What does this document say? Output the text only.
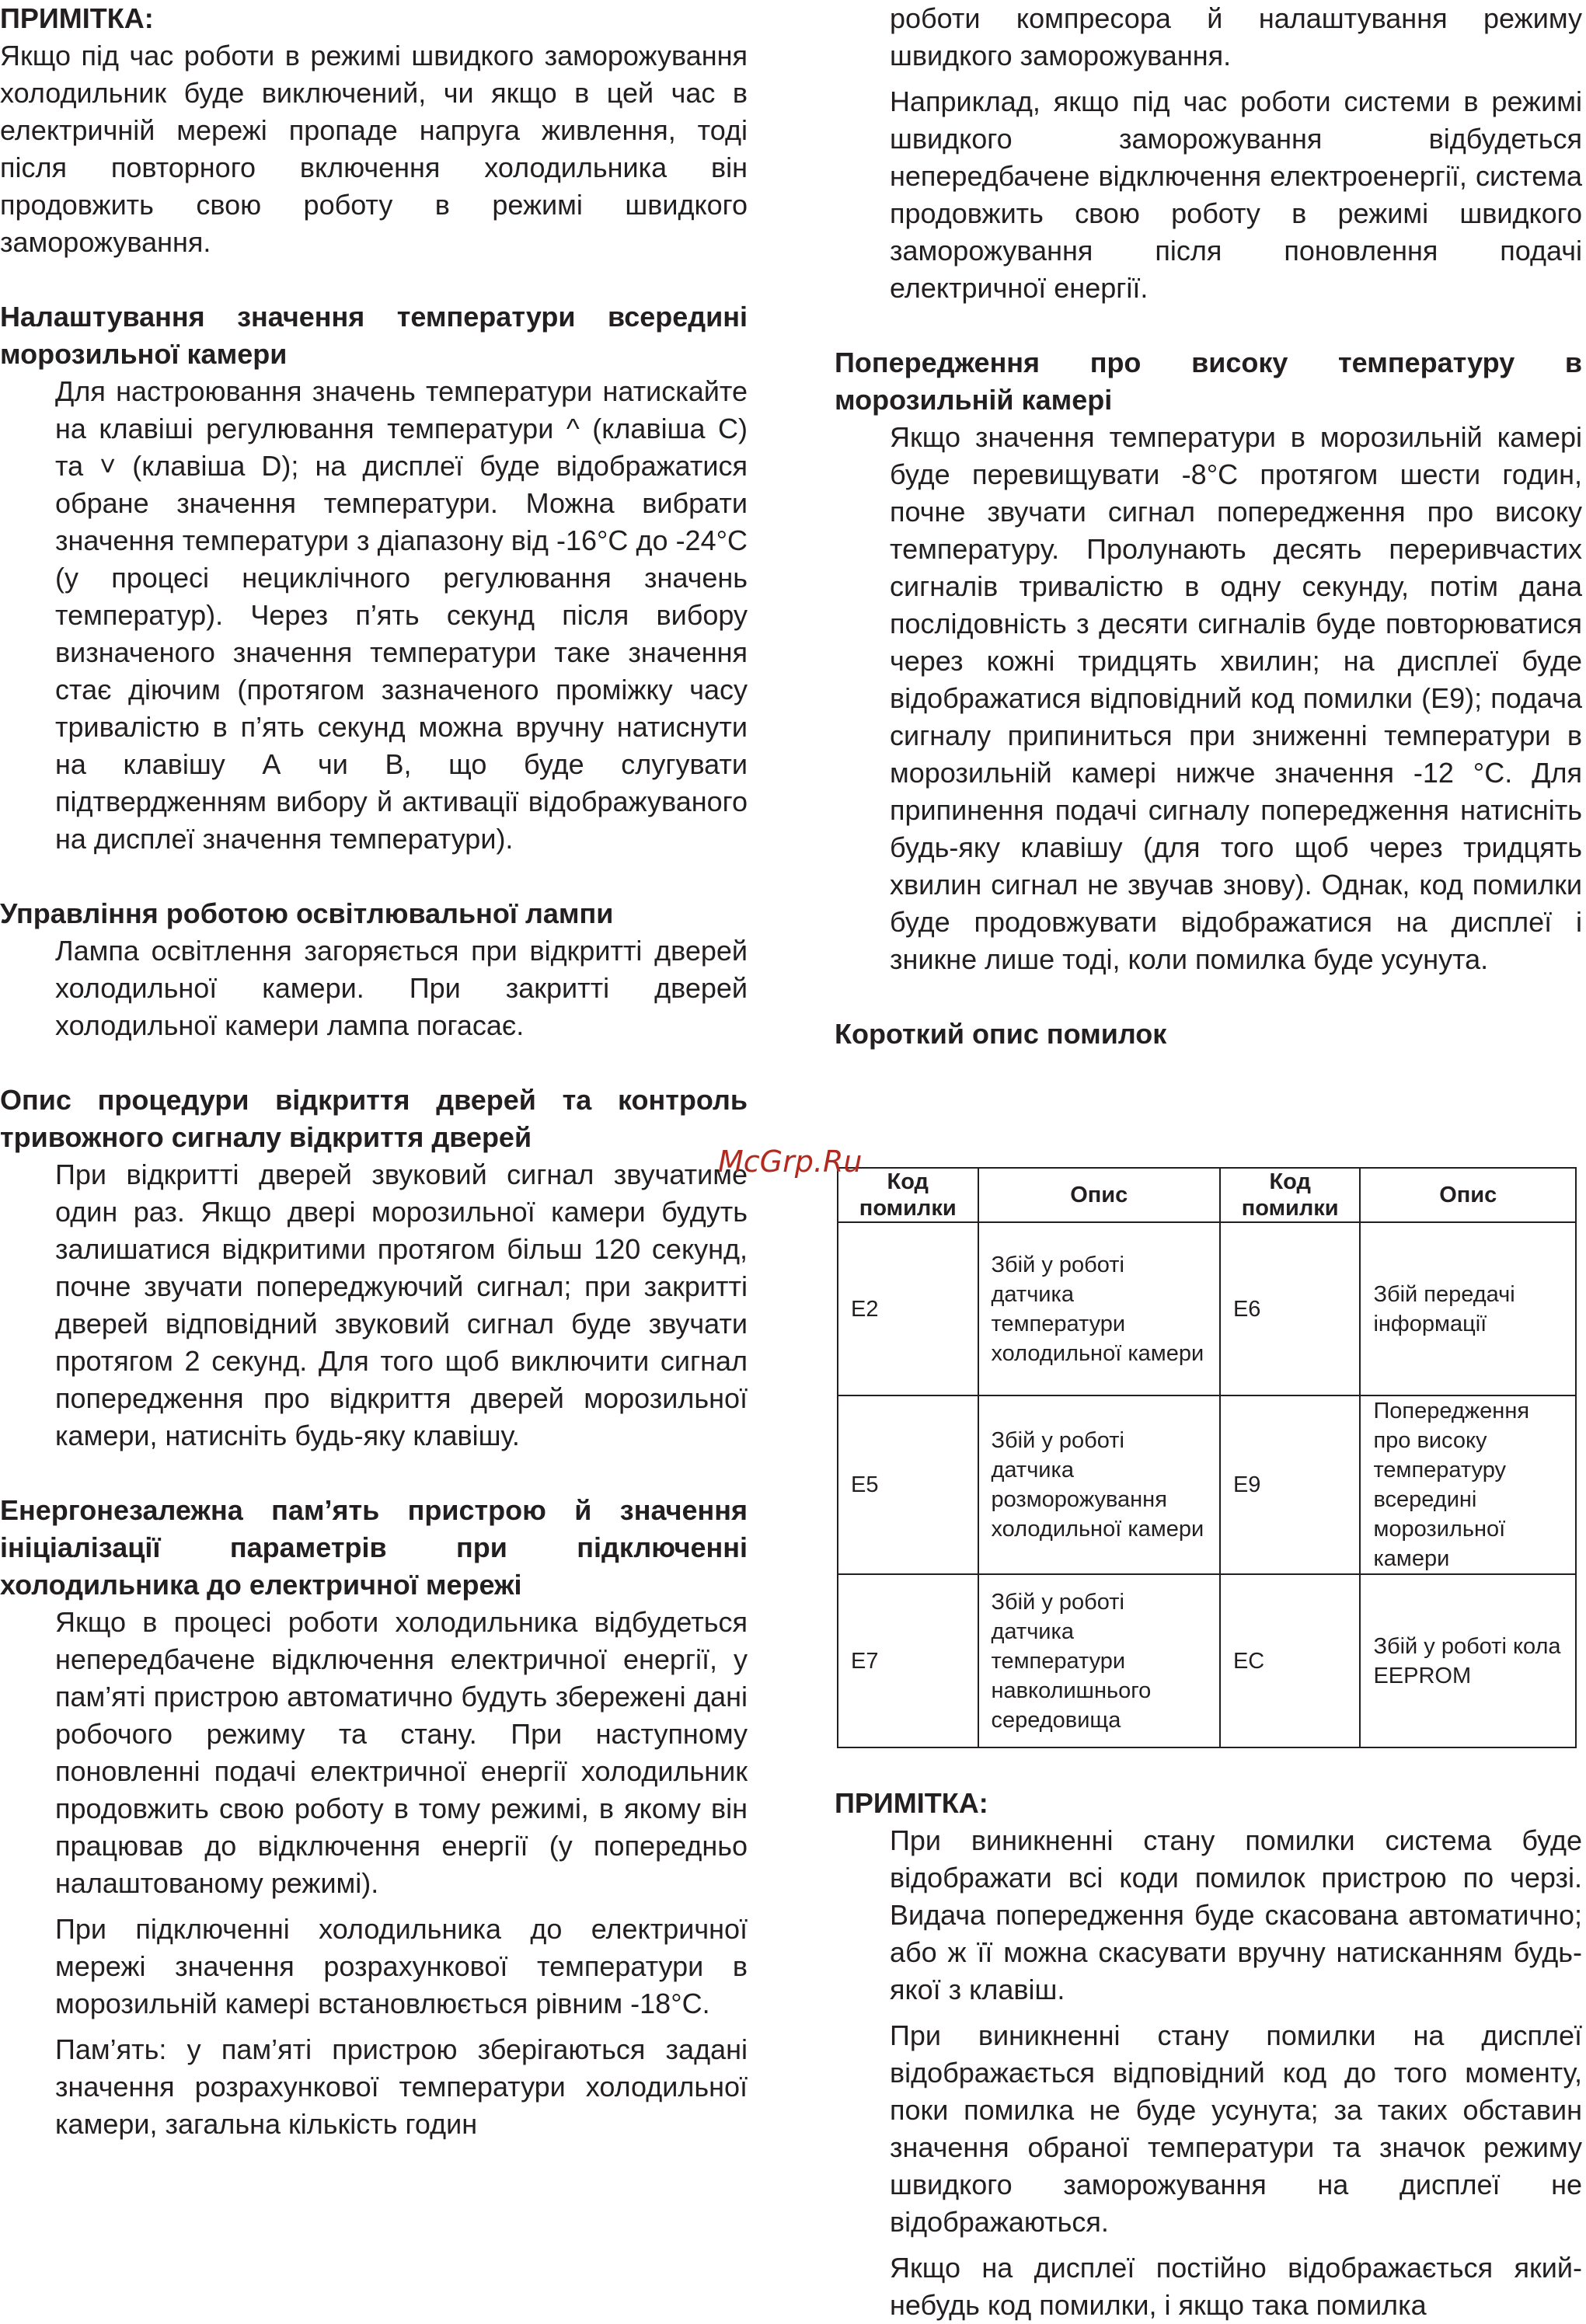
ПРИМІТКА:

Якщо під час роботи в режимі швидкого заморожування холодильник буде виключений, чи якщо в цей час в електричній мережі пропаде напруга живлення, тоді після повторного включення холодильника він продовжить свою роботу в режимі швидкого заморожування.

Налаштування значення температури всередині морозильної камери

Для настроювання значень температури натискайте на клавіші регулювання температури ^ (клавіша С) та ˅ (клавіша D); на дисплеї буде відображатися обране значення температури. Можна вибрати значення температури з діапазону від -16°С до -24°С (у процесі нециклічного регулювання значень температур). Через п’ять секунд після вибору визначеного значення температури таке значення стає діючим (протягом зазначеного проміжку часу тривалістю в п’ять секунд можна вручну натиснути на клавішу А чи В, що буде слугувати підтвердженням вибору й активації відображуваного на дисплеї значення температури).

Управління роботою освітлювальної лампи

Лампа освітлення загоряється при відкритті дверей холодильної камери. При закритті дверей холодильної камери лампа погасає.

Опис процедури відкриття дверей та контроль тривожного сигналу відкриття дверей

При відкритті дверей звуковий сигнал звучатиме один раз. Якщо двері морозильної камери будуть залишатися відкритими протягом більш 120 секунд, почне звучати попереджуючий сигнал; при закритті дверей відповідний звуковий сигнал буде звучати протягом 2 секунд. Для того щоб виключити сигнал попередження про відкриття дверей морозильної камери, натисніть будь-яку клавішу.

Енергонезалежна пам’ять пристрою й значення ініціалізації параметрів при підключенні холодильника до електричної мережі

Якщо в процесі роботи холодильника відбудеться непередбачене відключення електричної енергії, у пам’яті пристрою автоматично будуть збережені дані робочого режиму та стану. При наступному поновленні подачі електричної енергії холодильник продовжить свою роботу в тому режимі, в якому він працював до відключення енергії (у попередньо налаштованому режимі).

При підключенні холодильника до електричної мережі значення розрахункової температури в морозильній камері встановлюється рівним -18°С.

Пам’ять: у пам’яті пристрою зберігаються задані значення розрахункової температури холодильної камери, загальна кількість годин

роботи компресора й налаштування режиму швидкого заморожування.

Наприклад, якщо під час роботи системи в режимі швидкого заморожування відбудеться непередбачене відключення електроенергії, система продовжить свою роботу в режимі швидкого заморожування після поновлення подачі електричної енергії.

Попередження про високу температуру в морозильній камері

Якщо значення температури в морозильній камері буде перевищувати -8°С протягом шести годин, почне звучати сигнал попередження про високу температуру. Пролунають десять переривчастих сигналів тривалістю в одну секунду, потім дана послідовність з десяти сигналів буде повторюватися через кожні тридцять хвилин; на дисплеї буде відображатися відповідний код помилки (Е9); подача сигналу припиниться при зниженні температури в морозильній камері нижче значення -12 °С. Для припинення подачі сигналу попередження натисніть будь-яку клавішу (для того щоб через тридцять хвилин сигнал не звучав знову). Однак, код помилки буде продовжувати відображатися на дисплеї і зникне лише тоді, коли помилка буде усунута.

Короткий опис помилок

Код помилки	Опис	Код помилки	Опис
Е2	Збій у роботі датчика температури холодильної камери	Е6	Збій передачі інформації
Е5	Збій у роботі датчика розморожування холодильної камери	Е9	Попередження про високу температуру всередині морозильної камери
Е7	Збій у роботі датчика температури навколишнього середовища	ЕС	Збій у роботі кола EEPROM

ПРИМІТКА:

При виникненні стану помилки система буде відображати всі коди помилок пристрою по черзі. Видача попередження буде скасована автоматично; або ж її можна скасувати вручну натисканням будь-якої з клавіш.

При виникненні стану помилки на дисплеї відображається відповідний код до того моменту, поки помилка не буде усунута; за таких обставин значення обраної температури та значок режиму швидкого заморожування на дисплеї не відображаються.

Якщо на дисплеї постійно відображається який-небудь код помилки, і якщо така помилка

McGrp.Ru
